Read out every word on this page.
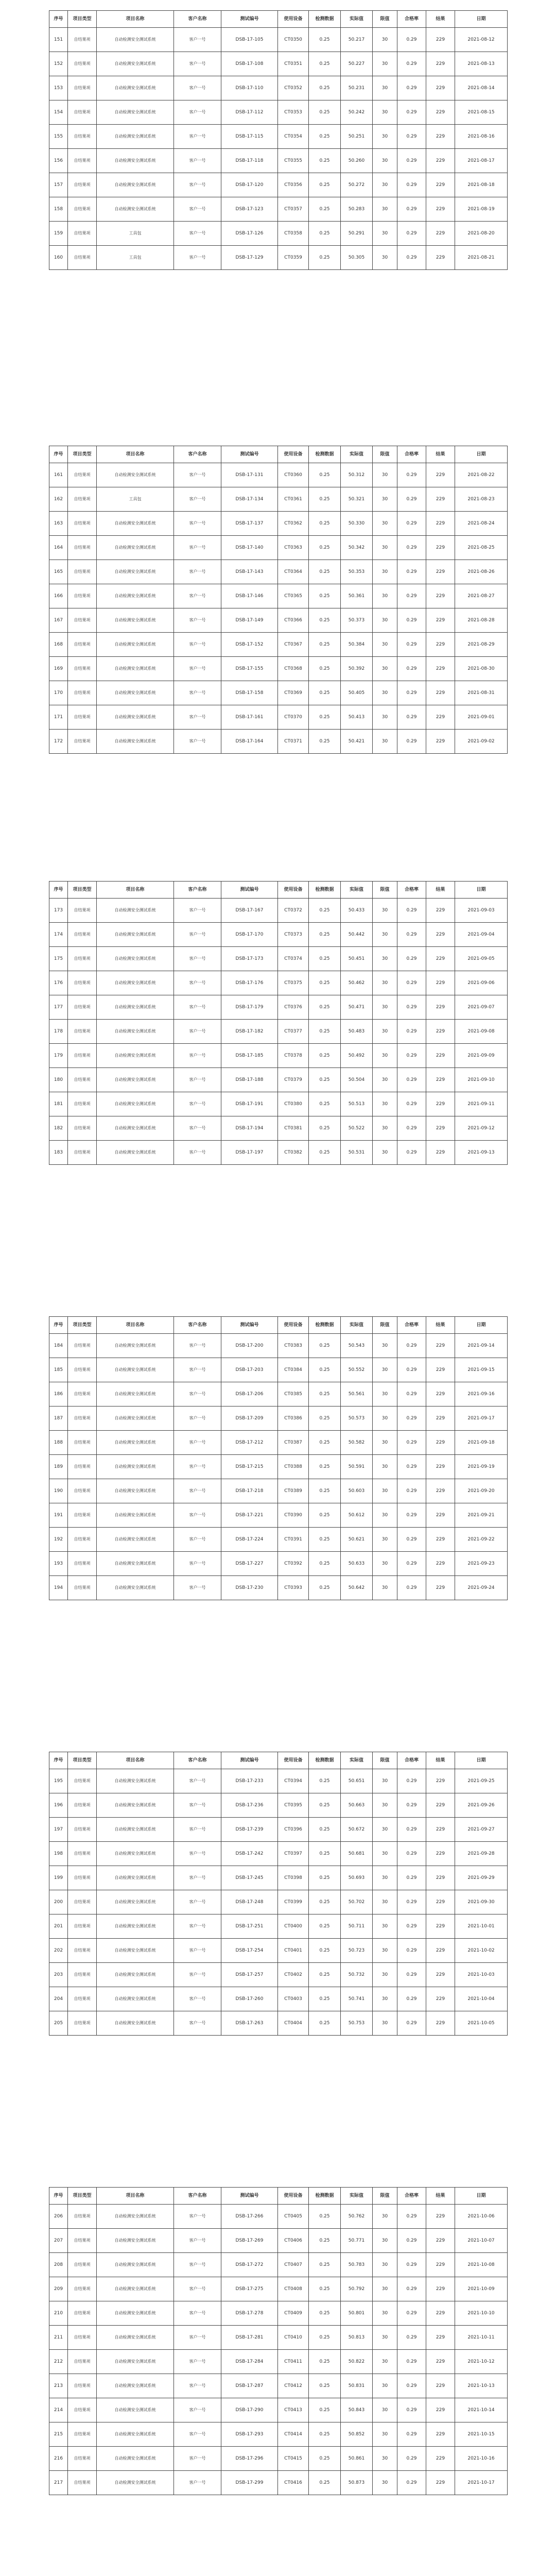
序号	项目类型	项目名称	客户名称	测试编号	使用设备	检测数据	实际值	限值	合格率	结果	日期
151	自结果项	自动检测安全测试系统	客户一号	DSB-17-105	CT0350	0.25	50.217	30	0.29	229	2021-08-12
152	自结果项	自动检测安全测试系统	客户一号	DSB-17-108	CT0351	0.25	50.227	30	0.29	229	2021-08-13
153	自结果项	自动检测安全测试系统	客户一号	DSB-17-110	CT0352	0.25	50.231	30	0.29	229	2021-08-14
154	自结果项	自动检测安全测试系统	客户一号	DSB-17-112	CT0353	0.25	50.242	30	0.29	229	2021-08-15
155	自结果项	自动检测安全测试系统	客户一号	DSB-17-115	CT0354	0.25	50.251	30	0.29	229	2021-08-16
156	自结果项	自动检测安全测试系统	客户一号	DSB-17-118	CT0355	0.25	50.260	30	0.29	229	2021-08-17
157	自结果项	自动检测安全测试系统	客户一号	DSB-17-120	CT0356	0.25	50.272	30	0.29	229	2021-08-18
158	自结果项	自动检测安全测试系统	客户一号	DSB-17-123	CT0357	0.25	50.283	30	0.29	229	2021-08-19
159	自结果项	工具包	客户一号	DSB-17-126	CT0358	0.25	50.291	30	0.29	229	2021-08-20
160	自结果项	工具包	客户一号	DSB-17-129	CT0359	0.25	50.305	30	0.29	229	2021-08-21
序号	项目类型	项目名称	客户名称	测试编号	使用设备	检测数据	实际值	限值	合格率	结果	日期
161	自结果项	自动检测安全测试系统	客户一号	DSB-17-131	CT0360	0.25	50.312	30	0.29	229	2021-08-22
162	自结果项	工具包	客户一号	DSB-17-134	CT0361	0.25	50.321	30	0.29	229	2021-08-23
163	自结果项	自动检测安全测试系统	客户一号	DSB-17-137	CT0362	0.25	50.330	30	0.29	229	2021-08-24
164	自结果项	自动检测安全测试系统	客户一号	DSB-17-140	CT0363	0.25	50.342	30	0.29	229	2021-08-25
165	自结果项	自动检测安全测试系统	客户一号	DSB-17-143	CT0364	0.25	50.353	30	0.29	229	2021-08-26
166	自结果项	自动检测安全测试系统	客户一号	DSB-17-146	CT0365	0.25	50.361	30	0.29	229	2021-08-27
167	自结果项	自动检测安全测试系统	客户一号	DSB-17-149	CT0366	0.25	50.373	30	0.29	229	2021-08-28
168	自结果项	自动检测安全测试系统	客户一号	DSB-17-152	CT0367	0.25	50.384	30	0.29	229	2021-08-29
169	自结果项	自动检测安全测试系统	客户一号	DSB-17-155	CT0368	0.25	50.392	30	0.29	229	2021-08-30
170	自结果项	自动检测安全测试系统	客户一号	DSB-17-158	CT0369	0.25	50.405	30	0.29	229	2021-08-31
171	自结果项	自动检测安全测试系统	客户一号	DSB-17-161	CT0370	0.25	50.413	30	0.29	229	2021-09-01
172	自结果项	自动检测安全测试系统	客户一号	DSB-17-164	CT0371	0.25	50.421	30	0.29	229	2021-09-02
序号	项目类型	项目名称	客户名称	测试编号	使用设备	检测数据	实际值	限值	合格率	结果	日期
173	自结果项	自动检测安全测试系统	客户一号	DSB-17-167	CT0372	0.25	50.433	30	0.29	229	2021-09-03
174	自结果项	自动检测安全测试系统	客户一号	DSB-17-170	CT0373	0.25	50.442	30	0.29	229	2021-09-04
175	自结果项	自动检测安全测试系统	客户一号	DSB-17-173	CT0374	0.25	50.451	30	0.29	229	2021-09-05
176	自结果项	自动检测安全测试系统	客户一号	DSB-17-176	CT0375	0.25	50.462	30	0.29	229	2021-09-06
177	自结果项	自动检测安全测试系统	客户一号	DSB-17-179	CT0376	0.25	50.471	30	0.29	229	2021-09-07
178	自结果项	自动检测安全测试系统	客户一号	DSB-17-182	CT0377	0.25	50.483	30	0.29	229	2021-09-08
179	自结果项	自动检测安全测试系统	客户一号	DSB-17-185	CT0378	0.25	50.492	30	0.29	229	2021-09-09
180	自结果项	自动检测安全测试系统	客户一号	DSB-17-188	CT0379	0.25	50.504	30	0.29	229	2021-09-10
181	自结果项	自动检测安全测试系统	客户一号	DSB-17-191	CT0380	0.25	50.513	30	0.29	229	2021-09-11
182	自结果项	自动检测安全测试系统	客户一号	DSB-17-194	CT0381	0.25	50.522	30	0.29	229	2021-09-12
183	自结果项	自动检测安全测试系统	客户一号	DSB-17-197	CT0382	0.25	50.531	30	0.29	229	2021-09-13
序号	项目类型	项目名称	客户名称	测试编号	使用设备	检测数据	实际值	限值	合格率	结果	日期
184	自结果项	自动检测安全测试系统	客户一号	DSB-17-200	CT0383	0.25	50.543	30	0.29	229	2021-09-14
185	自结果项	自动检测安全测试系统	客户一号	DSB-17-203	CT0384	0.25	50.552	30	0.29	229	2021-09-15
186	自结果项	自动检测安全测试系统	客户一号	DSB-17-206	CT0385	0.25	50.561	30	0.29	229	2021-09-16
187	自结果项	自动检测安全测试系统	客户一号	DSB-17-209	CT0386	0.25	50.573	30	0.29	229	2021-09-17
188	自结果项	自动检测安全测试系统	客户一号	DSB-17-212	CT0387	0.25	50.582	30	0.29	229	2021-09-18
189	自结果项	自动检测安全测试系统	客户一号	DSB-17-215	CT0388	0.25	50.591	30	0.29	229	2021-09-19
190	自结果项	自动检测安全测试系统	客户一号	DSB-17-218	CT0389	0.25	50.603	30	0.29	229	2021-09-20
191	自结果项	自动检测安全测试系统	客户一号	DSB-17-221	CT0390	0.25	50.612	30	0.29	229	2021-09-21
192	自结果项	自动检测安全测试系统	客户一号	DSB-17-224	CT0391	0.25	50.621	30	0.29	229	2021-09-22
193	自结果项	自动检测安全测试系统	客户一号	DSB-17-227	CT0392	0.25	50.633	30	0.29	229	2021-09-23
194	自结果项	自动检测安全测试系统	客户一号	DSB-17-230	CT0393	0.25	50.642	30	0.29	229	2021-09-24
序号	项目类型	项目名称	客户名称	测试编号	使用设备	检测数据	实际值	限值	合格率	结果	日期
195	自结果项	自动检测安全测试系统	客户一号	DSB-17-233	CT0394	0.25	50.651	30	0.29	229	2021-09-25
196	自结果项	自动检测安全测试系统	客户一号	DSB-17-236	CT0395	0.25	50.663	30	0.29	229	2021-09-26
197	自结果项	自动检测安全测试系统	客户一号	DSB-17-239	CT0396	0.25	50.672	30	0.29	229	2021-09-27
198	自结果项	自动检测安全测试系统	客户一号	DSB-17-242	CT0397	0.25	50.681	30	0.29	229	2021-09-28
199	自结果项	自动检测安全测试系统	客户一号	DSB-17-245	CT0398	0.25	50.693	30	0.29	229	2021-09-29
200	自结果项	自动检测安全测试系统	客户一号	DSB-17-248	CT0399	0.25	50.702	30	0.29	229	2021-09-30
201	自结果项	自动检测安全测试系统	客户一号	DSB-17-251	CT0400	0.25	50.711	30	0.29	229	2021-10-01
202	自结果项	自动检测安全测试系统	客户一号	DSB-17-254	CT0401	0.25	50.723	30	0.29	229	2021-10-02
203	自结果项	自动检测安全测试系统	客户一号	DSB-17-257	CT0402	0.25	50.732	30	0.29	229	2021-10-03
204	自结果项	自动检测安全测试系统	客户一号	DSB-17-260	CT0403	0.25	50.741	30	0.29	229	2021-10-04
205	自结果项	自动检测安全测试系统	客户一号	DSB-17-263	CT0404	0.25	50.753	30	0.29	229	2021-10-05
序号	项目类型	项目名称	客户名称	测试编号	使用设备	检测数据	实际值	限值	合格率	结果	日期
206	自结果项	自动检测安全测试系统	客户一号	DSB-17-266	CT0405	0.25	50.762	30	0.29	229	2021-10-06
207	自结果项	自动检测安全测试系统	客户一号	DSB-17-269	CT0406	0.25	50.771	30	0.29	229	2021-10-07
208	自结果项	自动检测安全测试系统	客户一号	DSB-17-272	CT0407	0.25	50.783	30	0.29	229	2021-10-08
209	自结果项	自动检测安全测试系统	客户一号	DSB-17-275	CT0408	0.25	50.792	30	0.29	229	2021-10-09
210	自结果项	自动检测安全测试系统	客户一号	DSB-17-278	CT0409	0.25	50.801	30	0.29	229	2021-10-10
211	自结果项	自动检测安全测试系统	客户一号	DSB-17-281	CT0410	0.25	50.813	30	0.29	229	2021-10-11
212	自结果项	自动检测安全测试系统	客户一号	DSB-17-284	CT0411	0.25	50.822	30	0.29	229	2021-10-12
213	自结果项	自动检测安全测试系统	客户一号	DSB-17-287	CT0412	0.25	50.831	30	0.29	229	2021-10-13
214	自结果项	自动检测安全测试系统	客户一号	DSB-17-290	CT0413	0.25	50.843	30	0.29	229	2021-10-14
215	自结果项	自动检测安全测试系统	客户一号	DSB-17-293	CT0414	0.25	50.852	30	0.29	229	2021-10-15
216	自结果项	自动检测安全测试系统	客户一号	DSB-17-296	CT0415	0.25	50.861	30	0.29	229	2021-10-16
217	自结果项	自动检测安全测试系统	客户一号	DSB-17-299	CT0416	0.25	50.873	30	0.29	229	2021-10-17
